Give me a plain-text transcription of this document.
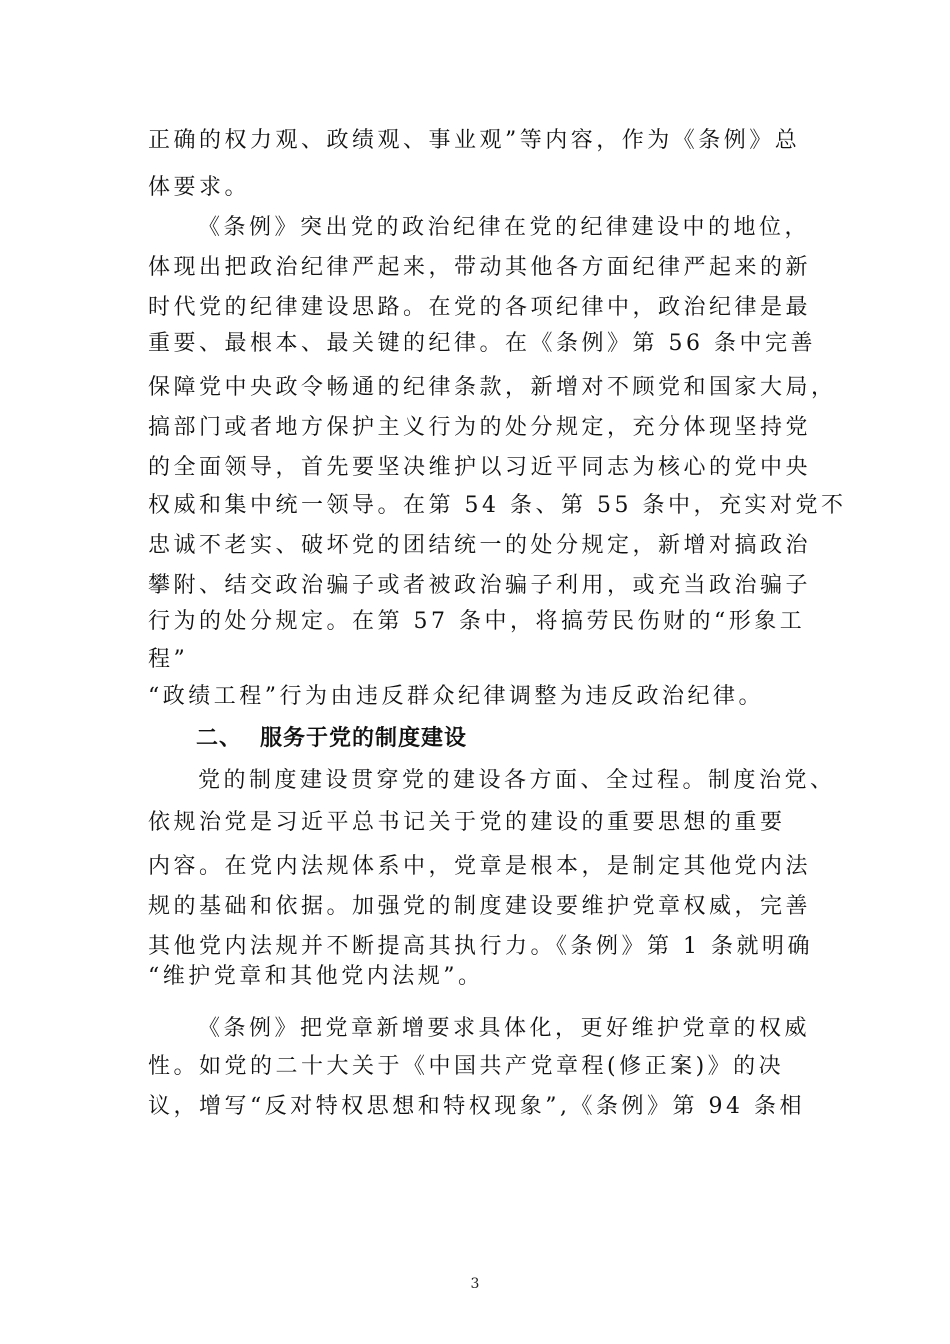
正确的权力观、政绩观、事业观”等内容，作为《条例》总
体要求。
《条例》突出党的政治纪律在党的纪律建设中的地位，
体现出把政治纪律严起来，带动其他各方面纪律严起来的新
时代党的纪律建设思路。在党的各项纪律中，政治纪律是最
重要、最根本、最关键的纪律。在《条例》第 56 条中完善
保障党中央政令畅通的纪律条款，新增对不顾党和国家大局，
搞部门或者地方保护主义行为的处分规定，充分体现坚持党
的全面领导，首先要坚决维护以习近平同志为核心的党中央
权威和集中统一领导。在第 54 条、第 55 条中，充实对党不
忠诚不老实、破坏党的团结统一的处分规定，新增对搞政治
攀附、结交政治骗子或者被政治骗子利用，或充当政治骗子
行为的处分规定。在第 57 条中，将搞劳民伤财的“形象工
程”
“政绩工程”行为由违反群众纪律调整为违反政治纪律。
二、 服务于党的制度建设
党的制度建设贯穿党的建设各方面、全过程。制度治党、
依规治党是习近平总书记关于党的建设的重要思想的重要
内容。在党内法规体系中，党章是根本，是制定其他党内法
规的基础和依据。加强党的制度建设要维护党章权威，完善
其他党内法规并不断提高其执行力。《条例》第 1 条就明确
“维护党章和其他党内法规”。
《条例》把党章新增要求具体化，更好维护党章的权威
性。如党的二十大关于《中国共产党章程(修正案)》的决
议，增写“反对特权思想和特权现象”,《条例》第 94 条相
3
